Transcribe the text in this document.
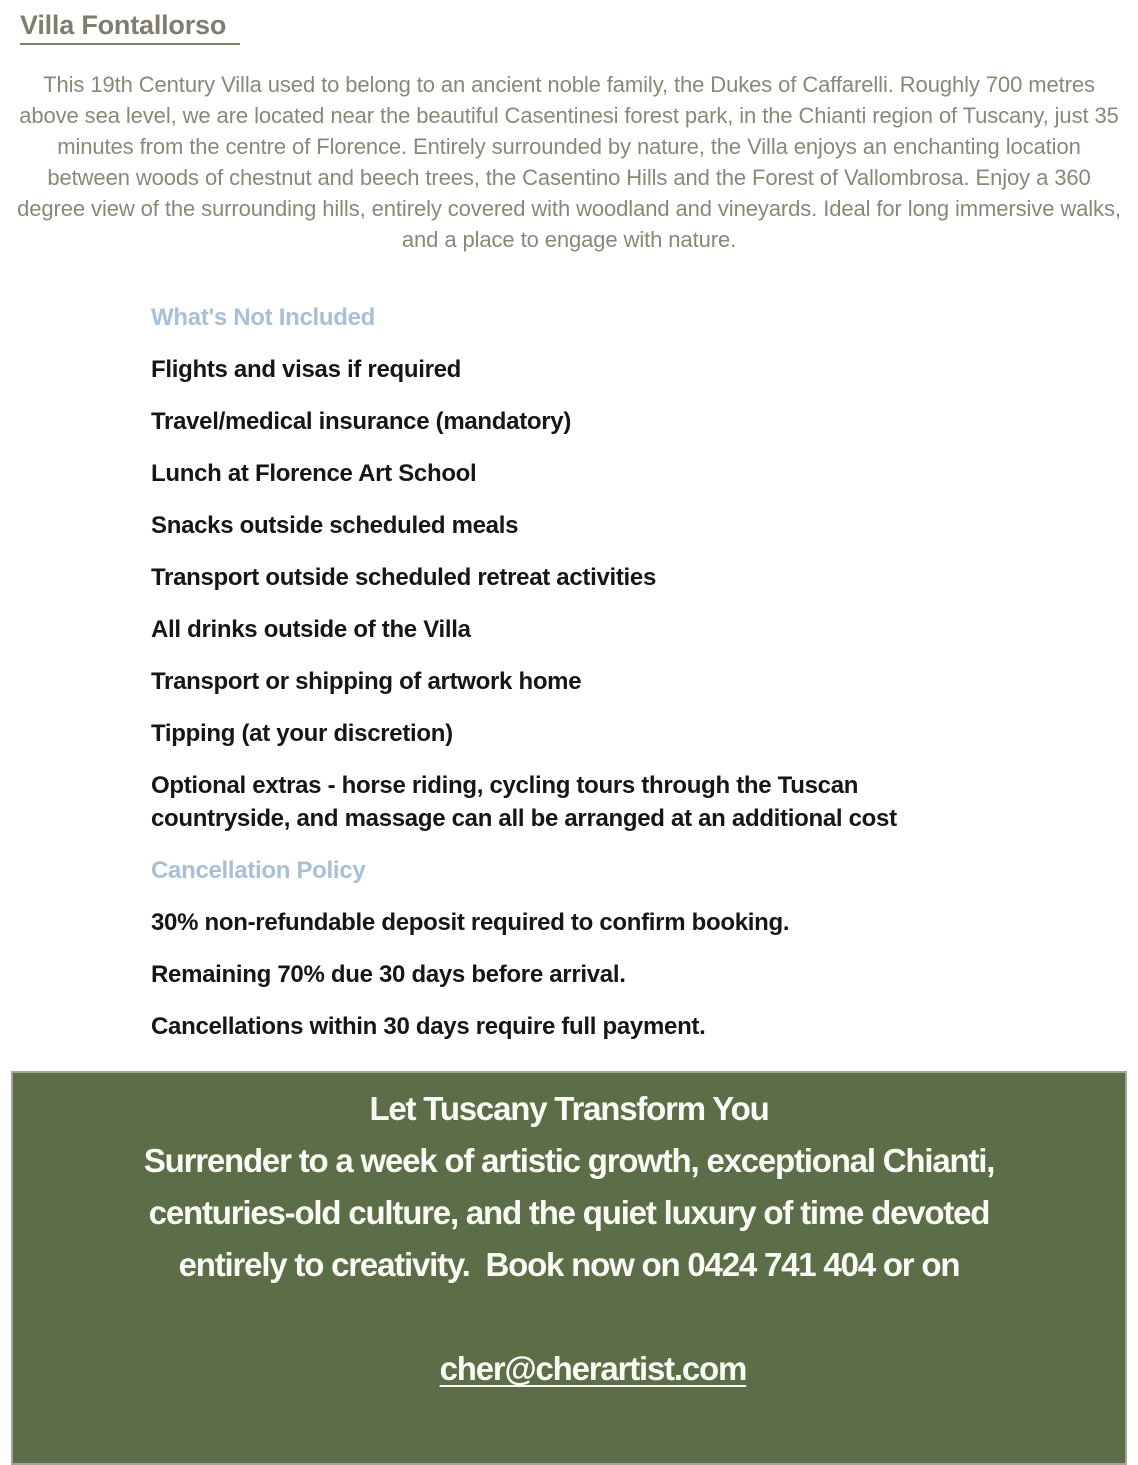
Villa Fontallorso
This 19th Century Villa used to belong to an ancient noble family, the Dukes of Caffarelli. Roughly 700 metres above sea level, we are located near the beautiful Casentinesi forest park, in the Chianti region of Tuscany, just 35 minutes from the centre of Florence. Entirely surrounded by nature, the Villa enjoys an enchanting location between woods of chestnut and beech trees, the Casentino Hills and the Forest of Vallombrosa. Enjoy a 360 degree view of the surrounding hills, entirely covered with woodland and vineyards. Ideal for long immersive walks, and a place to engage with nature.
What's Not Included
Flights and visas if required
Travel/medical insurance (mandatory)
Lunch at Florence Art School
Snacks outside scheduled meals
Transport outside scheduled retreat activities
All drinks outside of the Villa
Transport or shipping of artwork home
Tipping (at your discretion)
Optional extras - horse riding, cycling tours through the Tuscan countryside, and massage can all be arranged at an additional cost
Cancellation Policy
30% non-refundable deposit required to confirm booking.
Remaining 70% due 30 days before arrival.
Cancellations within 30 days require full payment.
Let Tuscany Transform You
Surrender to a week of artistic growth, exceptional Chianti,
centuries-old culture, and the quiet luxury of time devoted
entirely to creativity.  Book now on 0424 741 404 or on

cher@cherartist.com
